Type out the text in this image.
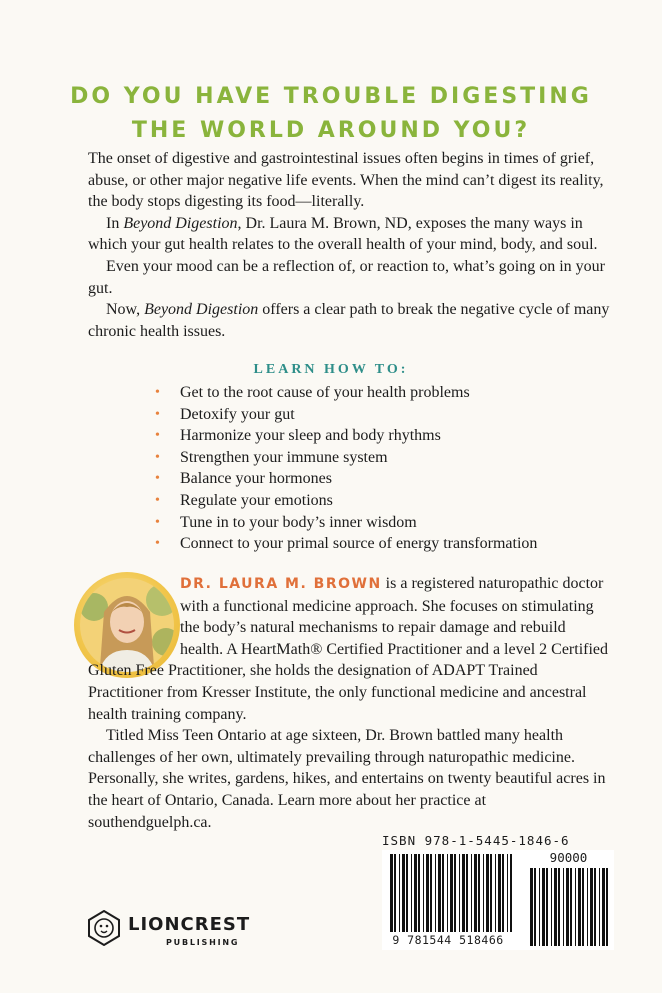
DO YOU HAVE TROUBLE DIGESTING
THE WORLD AROUND YOU?

The onset of digestive and gastrointestinal issues often begins in times of grief, abuse, or other major negative life events. When the mind can’t digest its reality, the body stops digesting its food—literally.

In Beyond Digestion, Dr. Laura M. Brown, ND, exposes the many ways in which your gut health relates to the overall health of your mind, body, and soul.

Even your mood can be a reflection of, or reaction to, what’s going on in your gut.

Now, Beyond Digestion offers a clear path to break the negative cycle of many chronic health issues.

LEARN HOW TO:
• Get to the root cause of your health problems
• Detoxify your gut
• Harmonize your sleep and body rhythms
• Strengthen your immune system
• Balance your hormones
• Regulate your emotions
• Tune in to your body’s inner wisdom
• Connect to your primal source of energy transformation

DR. LAURA M. BROWN is a registered naturopathic doctor with a functional medicine approach. She focuses on stimulating the body’s natural mechanisms to repair damage and rebuild health. A HeartMath® Certified Practitioner and a level 2 Certified Gluten Free Practitioner, she holds the designation of ADAPT Trained Practitioner from Kresser Institute, the only functional medicine and ancestral health training company.

Titled Miss Teen Ontario at age sixteen, Dr. Brown battled many health challenges of her own, ultimately prevailing through naturopathic medicine. Personally, she writes, gardens, hikes, and entertains on twenty beautiful acres in the heart of Ontario, Canada. Learn more about her practice at southendguelph.ca.

ISBN 978-1-5445-1846-6
90000
9 781544 518466
LIONCREST
PUBLISHING
